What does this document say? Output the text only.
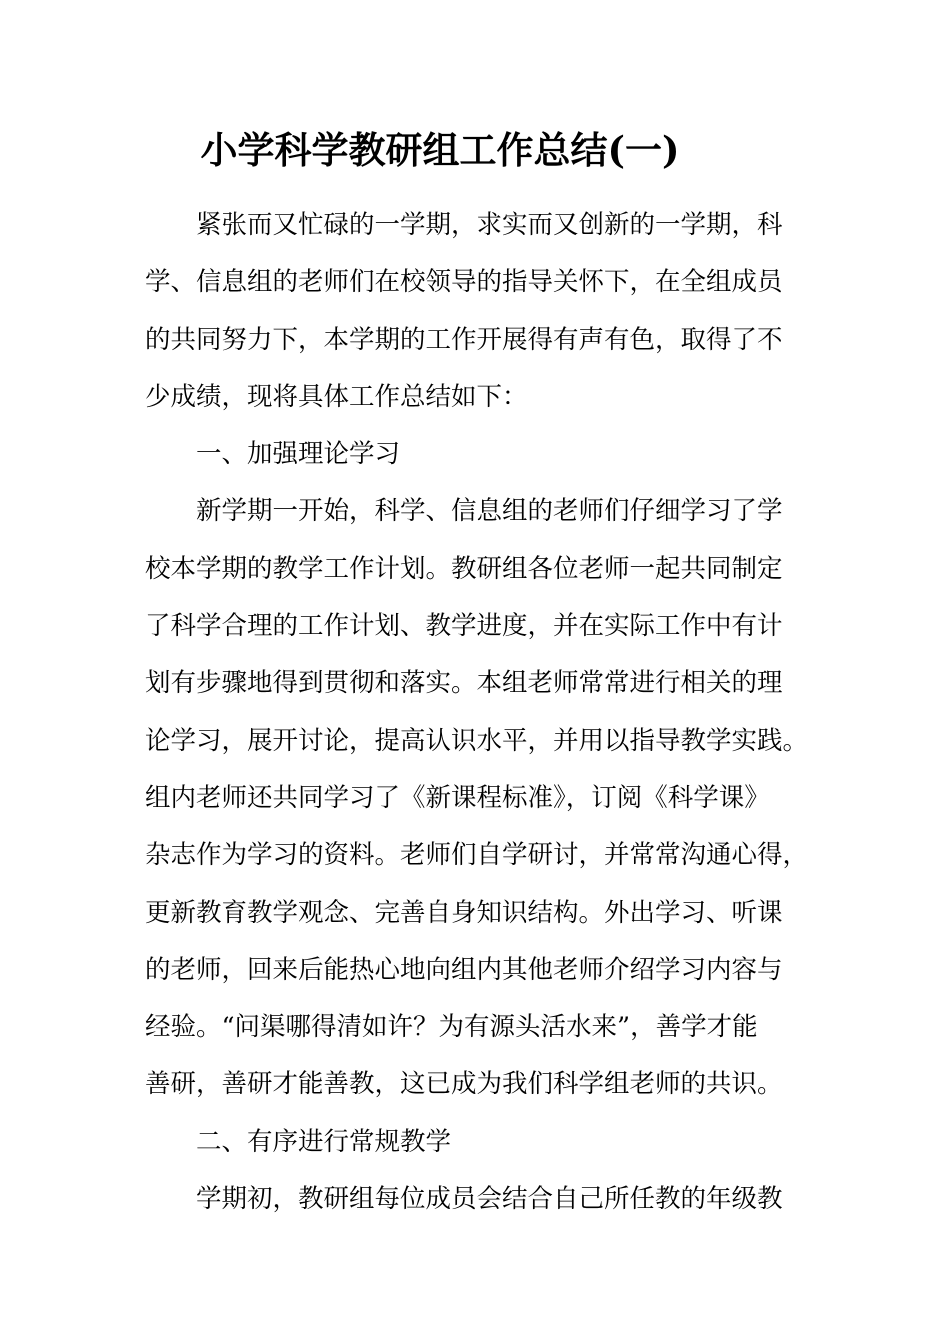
小学科学教研组工作总结(一)
紧张而又忙碌的一学期，求实而又创新的一学期，科
学、信息组的老师们在校领导的指导关怀下，在全组成员
的共同努力下，本学期的工作开展得有声有色，取得了不
少成绩，现将具体工作总结如下：
一、加强理论学习
新学期一开始，科学、信息组的老师们仔细学习了学
校本学期的教学工作计划。教研组各位老师一起共同制定
了科学合理的工作计划、教学进度，并在实际工作中有计
划有步骤地得到贯彻和落实。本组老师常常进行相关的理
论学习，展开讨论，提高认识水平，并用以指导教学实践。
组内老师还共同学习了《新课程标准》，订阅《科学课》
杂志作为学习的资料。老师们自学研讨，并常常沟通心得，
更新教育教学观念、完善自身知识结构。外出学习、听课
的老师，回来后能热心地向组内其他老师介绍学习内容与
经验。“问渠哪得清如许？为有源头活水来”，善学才能
善研，善研才能善教，这已成为我们科学组老师的共识。
二、有序进行常规教学
学期初，教研组每位成员会结合自己所任教的年级教
